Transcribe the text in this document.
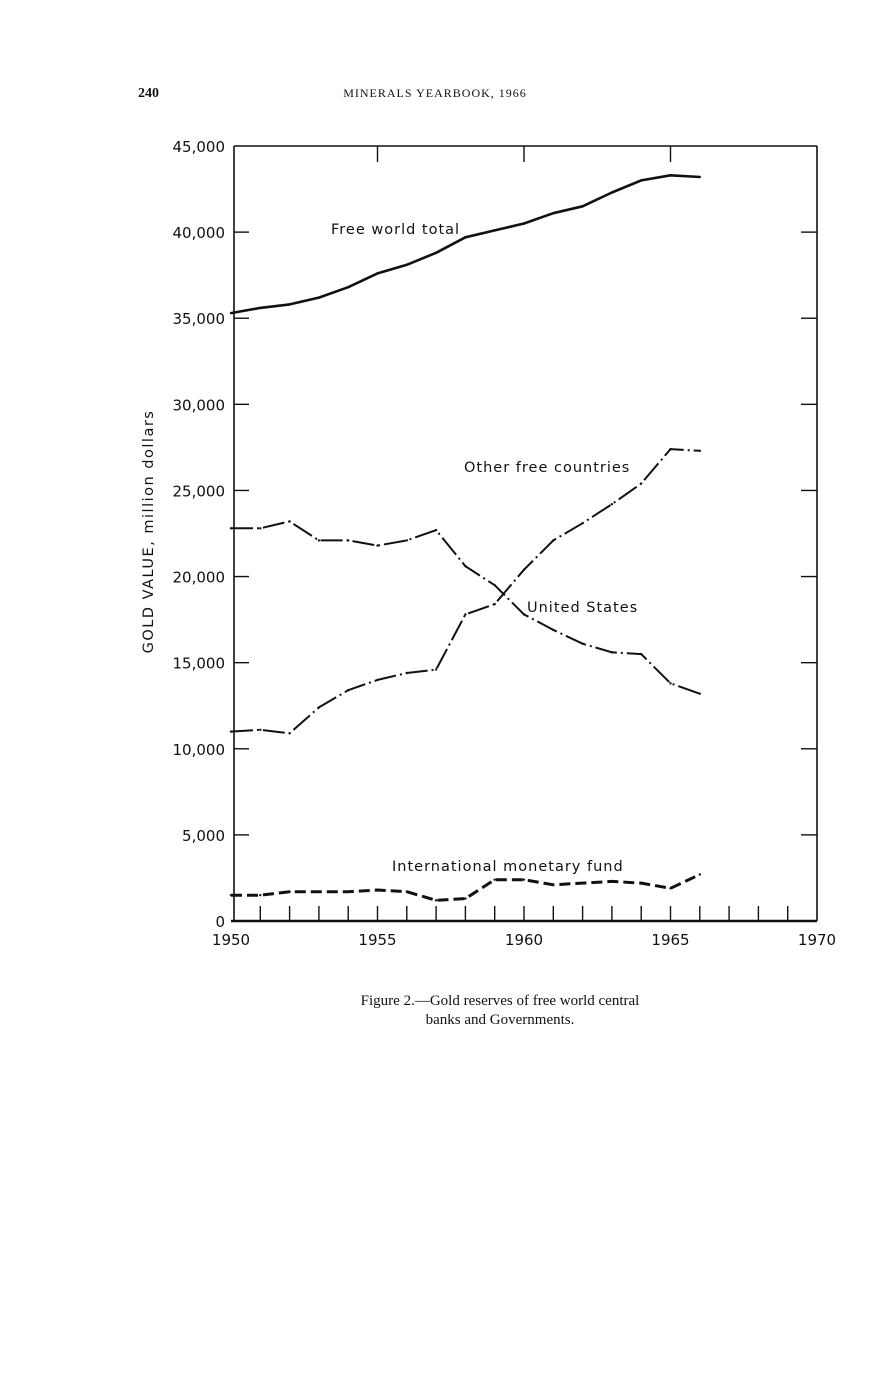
240	MINERALS YEARBOOK, 1966
0
5,000
10,000
15,000
20,000
25,000
30,000
35,000
40,000
45,000
GOLD VALUE, million dollars
1950	1955	1960	1965	1970
Free world total
Other free countries
United States
International monetary fund
Figure 2.—Gold reserves of free world central
banks and Governments.
